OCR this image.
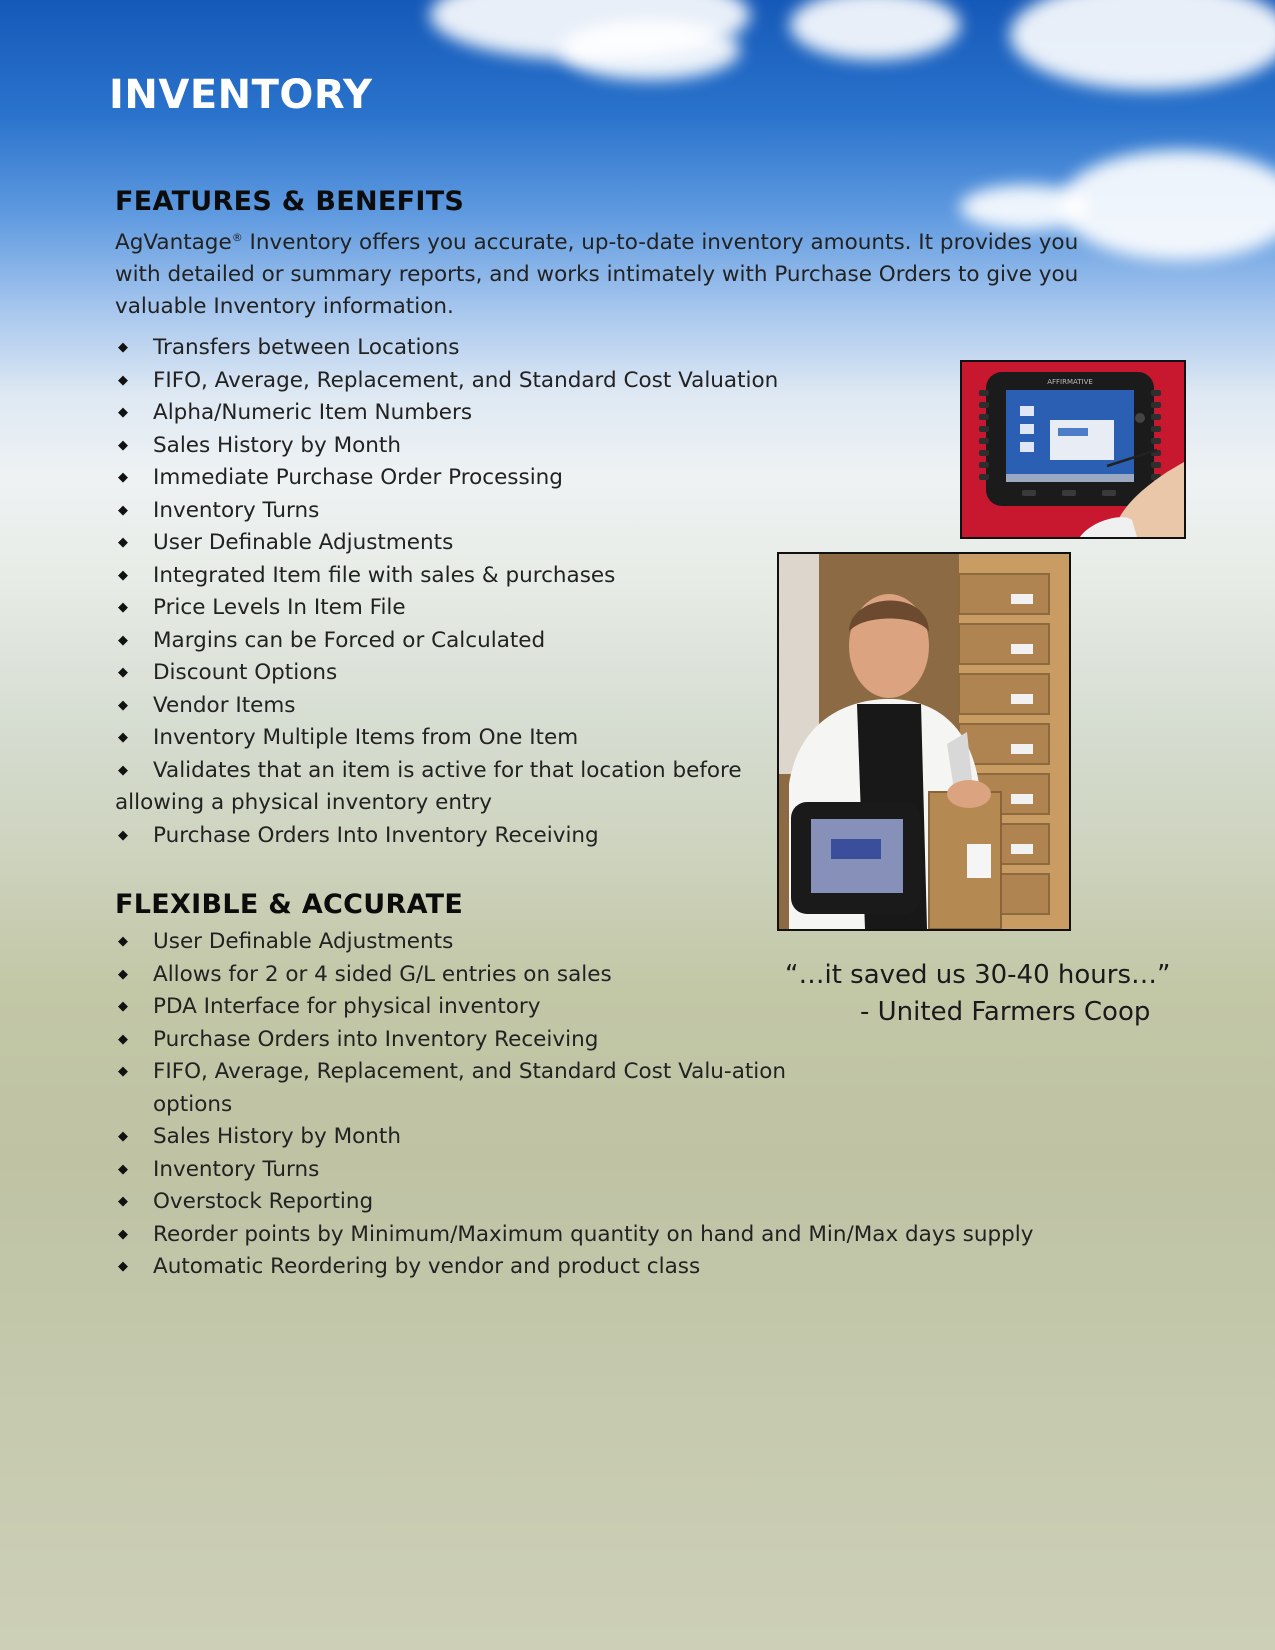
INVENTORY
FEATURES & BENEFITS

AgVantage® Inventory offers you accurate, up-to-date inventory amounts. It provides you with detailed or summary reports, and works intimately with Purchase Orders to give you valuable Inventory information.

◆ Transfers between Locations
◆ FIFO, Average, Replacement, and Standard Cost Valuation
◆ Alpha/Numeric Item Numbers
◆ Sales History by Month
◆ Immediate Purchase Order Processing
◆ Inventory Turns
◆ User Definable Adjustments
◆ Integrated Item file with sales & purchases
◆ Price Levels In Item File
◆ Margins can be Forced or Calculated
◆ Discount Options
◆ Vendor Items
◆ Inventory Multiple Items from One Item
◆ Validates that an item is active for that location before allowing a physical inventory entry
◆ Purchase Orders Into Inventory Receiving
FLEXIBLE & ACCURATE
◆ User Definable Adjustments
◆ Allows for 2 or 4 sided G/L entries on sales
◆ PDA Interface for physical inventory
◆ Purchase Orders into Inventory Receiving
◆ FIFO, Average, Replacement, and Standard Cost Valu-ation options
◆ Sales History by Month
◆ Inventory Turns
◆ Overstock Reporting
◆ Reorder points by Minimum/Maximum quantity on hand and Min/Max days supply
◆ Automatic Reordering by vendor and product class
AFFIRMATIVE
“…it saved us 30-40 hours…”
- United Farmers Coop
